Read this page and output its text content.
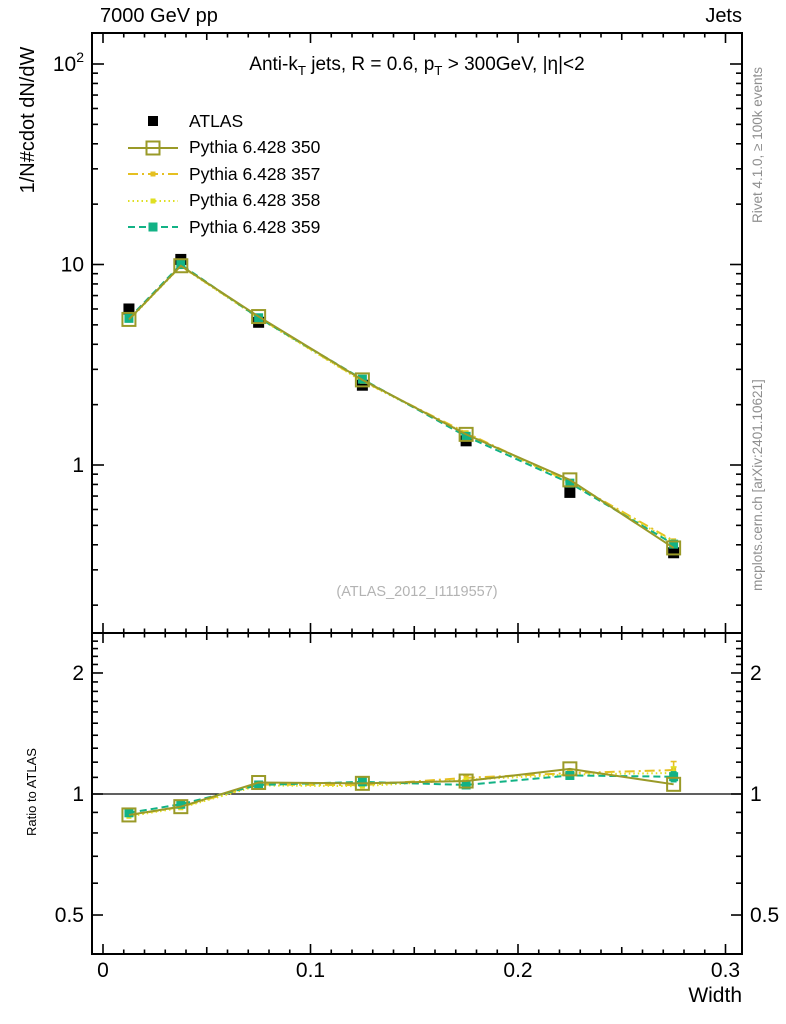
7000 GeV pp	Jets
1/N#cdot dN/dW	Anti-$k_T$ jets, R = 0.6, $p_T > 300GeV$, |η|<2
ATLAS
Pythia 6.428 350
Pythia 6.428 357
Pythia 6.428 358
Pythia 6.428 359
(ATLAS_2012_I1119557)
Rivet 4.1.0, ≥ 100k events
mcplots.cern.ch [arXiv:2401.10621]
Ratio to ATLAS
Width
0	0.1	0.2	0.3
1
10
$10^2$
0.5	0.5
1	1
2	2
